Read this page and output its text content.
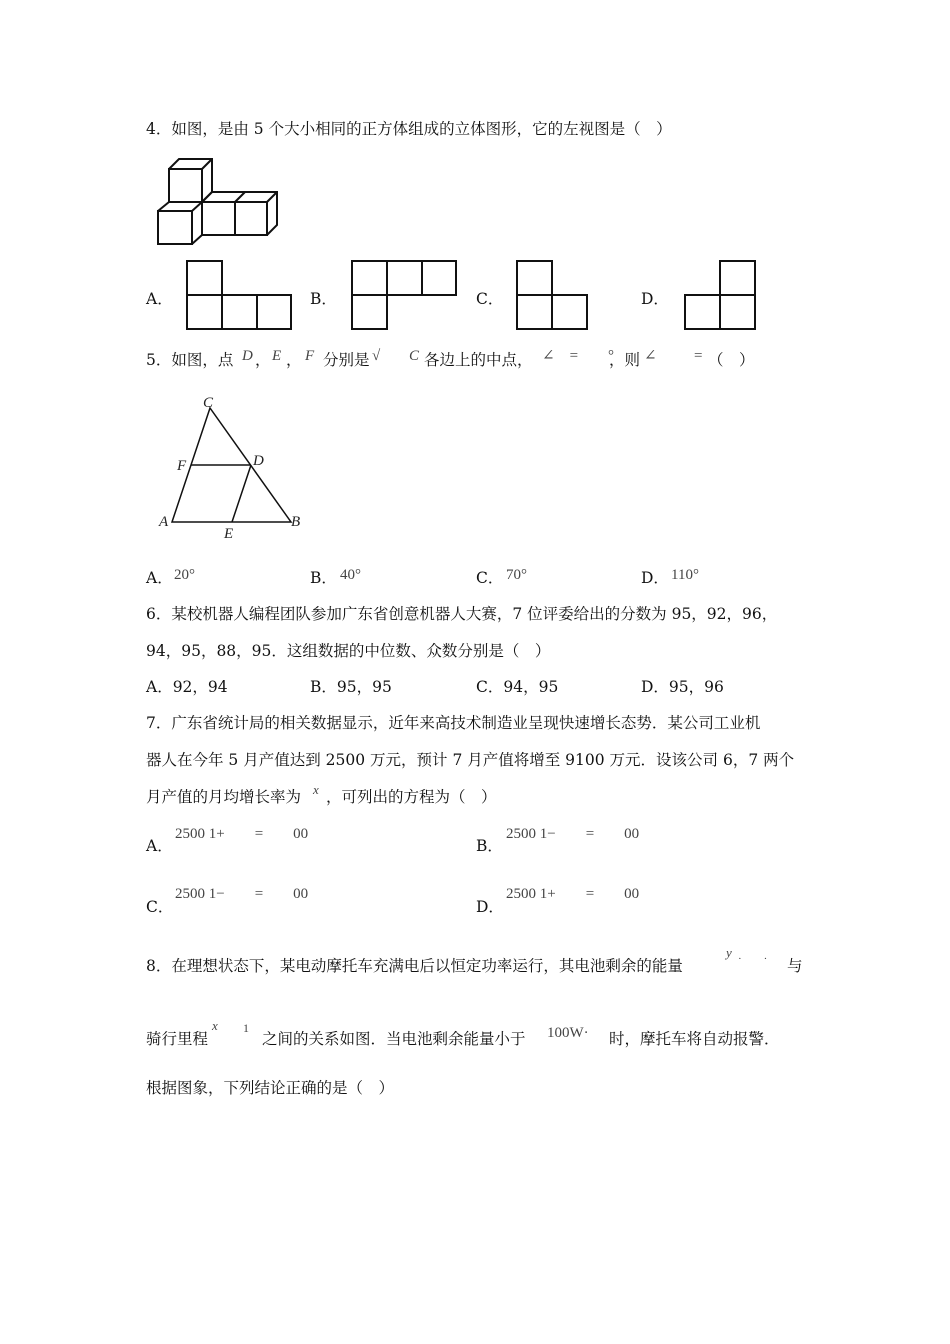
4．如图，是由 5 个大小相同的正方体组成的立体图形，它的左视图是（　）
A．	B．	C．	D．
5．如图，点 D ， E ， F 分别是 √ C 各边上的中点， ∠　=　　°
，则 ∠ = （　）
C
F	D
A
E
B
A． 20°	B． 40°	C． 70°	D． 110°
6．某校机器人编程团队参加广东省创意机器人大赛，7 位评委给出的分数为 95，92，96，
94，95，88，95．这组数据的中位数、众数分别是（　）
A．92，94	B．95，95	C．94，95	D．95，96
7．广东省统计局的相关数据显示，近年来高技术制造业呈现快速增长态势．某公司工业机
器人在今年 5 月产值达到 2500 万元，预计 7 月产值将增至 9100 万元．设该公司 6，7 两个
月产值的月均增长率为 x ，可列出的方程为（　）
A．
2500 1+　　=　　00
B．
2500 1−　　=　　00
C．
2500 1−　　=　　00
D．
2500 1+　　=　　00
8．在理想状态下，某电动摩托车充满电后以恒定功率运行，其电池剩余的能量
y ·　　· 与
骑行里程
x 　 1
之间的关系如图．当电池剩余能量小于 100W· 时，摩托车将自动报警．
根据图象，下列结论正确的是（　）
